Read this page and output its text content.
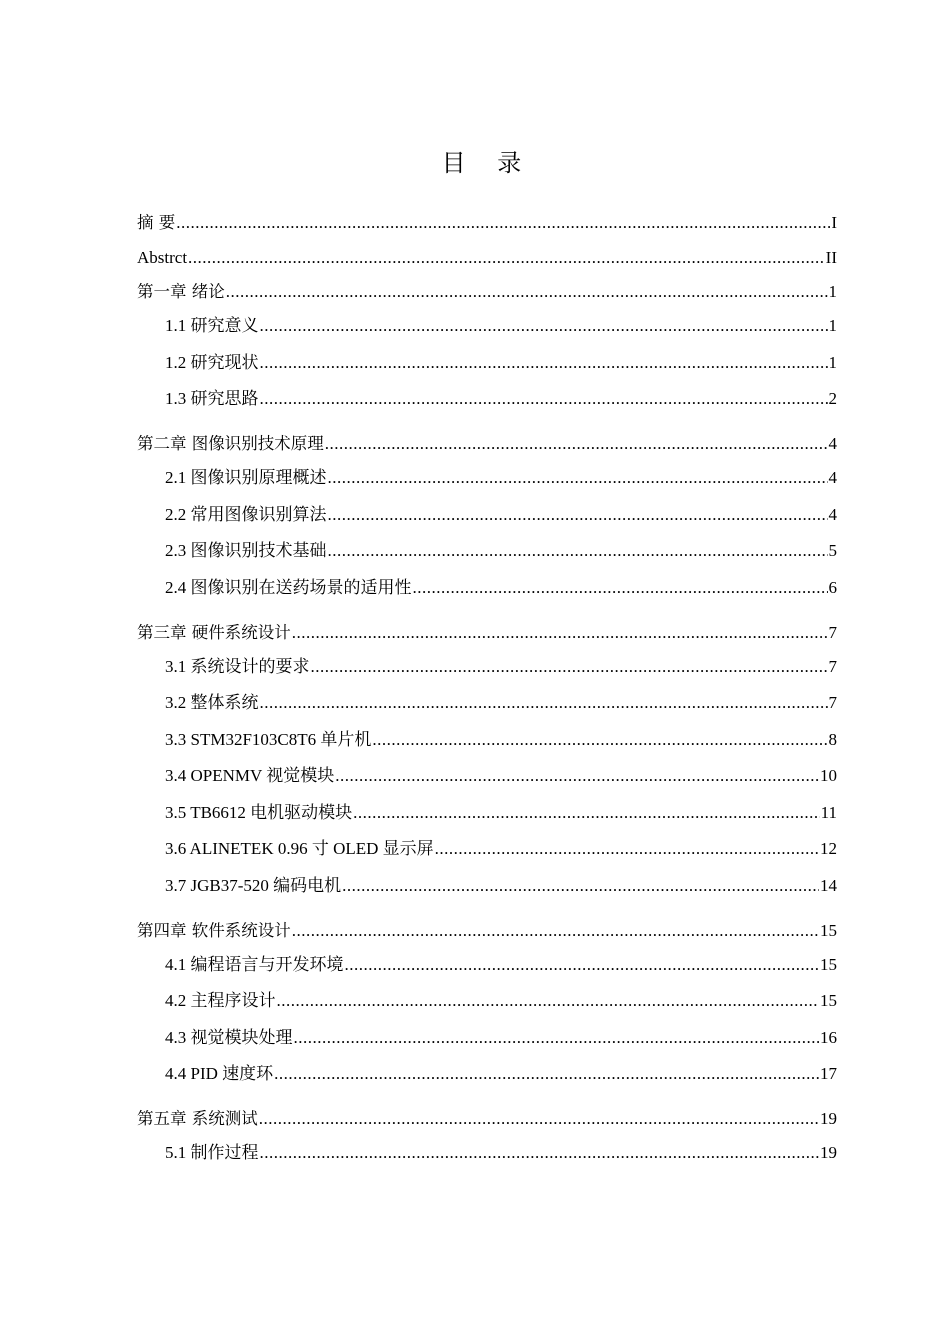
目 录
摘 要 .....	I
Abstrct .....	II
第一章 绪论 .....	1
1.1 研究意义 .....	1
1.2 研究现状 .....	1
1.3 研究思路 .....	2
第二章 图像识别技术原理 .....	4
2.1 图像识别原理概述 .....	4
2.2 常用图像识别算法 .....	4
2.3 图像识别技术基础 .....	5
2.4 图像识别在送药场景的适用性 .....	6
第三章 硬件系统设计 .....	7
3.1 系统设计的要求 .....	7
3.2 整体系统 .....	7
3.3 STM32F103C8T6 单片机 .....	8
3.4 OPENMV 视觉模块 .....	10
3.5 TB6612 电机驱动模块 .....	11
3.6 ALINETEK 0.96 寸 OLED 显示屏 .....	12
3.7 JGB37-520 编码电机 .....	14
第四章 软件系统设计 .....	15
4.1 编程语言与开发环境 .....	15
4.2 主程序设计 .....	15
4.3 视觉模块处理 .....	16
4.4 PID 速度环 .....	17
第五章 系统测试 .....	19
5.1 制作过程 .....	19
